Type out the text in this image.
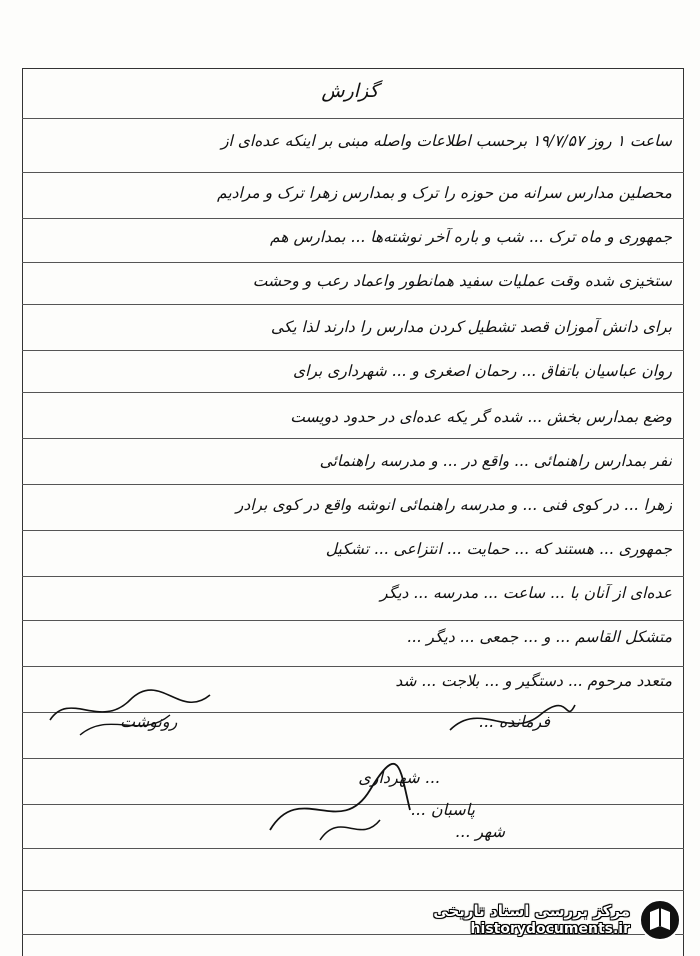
گزارش
ساعت ۱ روز ۱۹/۷/۵۷ برحسب اطلاعات واصله مبنی بر اینکه عده‌ای از
محصلین مدارس سرانه‌ من حوزه را ترک و بمدارس زهرا ترک و مرادیم
جمهوری و ماه ترک ... شب و باره آخر نوشته‌ها ... بمدارس هم
ستخیزی شده‌ وقت عملیات سفید همانطور واعماد رعب و وحشت
برای دانش آموزان قصد تشطیل کردن مدارس را دارند لذا یکی
روان عباسیان باتفاق ... رحمان اصغری و ... شهرداری برای
وضع بمدارس بخش ... شده گر یکه عده‌ای در حدود دویست
نفر بمدارس راهنمائی ... واقع در ... و مدرسه راهنمائی
زهرا ... در کوی فنی ... و مدرسه راهنمائی انوشه واقع در کوی برادر
جمهوری ... هستند که ... حمایت ... انتزاعی ... تشکیل
عده‌ای از آنان با ... ساعت ... مدرسه ... دیگر
متشکل القاسم ... و ... جمعی ... دیگر ...
متعدد مرحوم ... دستگیر و ... بلاجت ... شد
فرمانده ...
رونوشت
... شهرداری
پاسبان ...
شهر ...
مرکز بررسی اسناد تاریخی
historydocuments.ir
